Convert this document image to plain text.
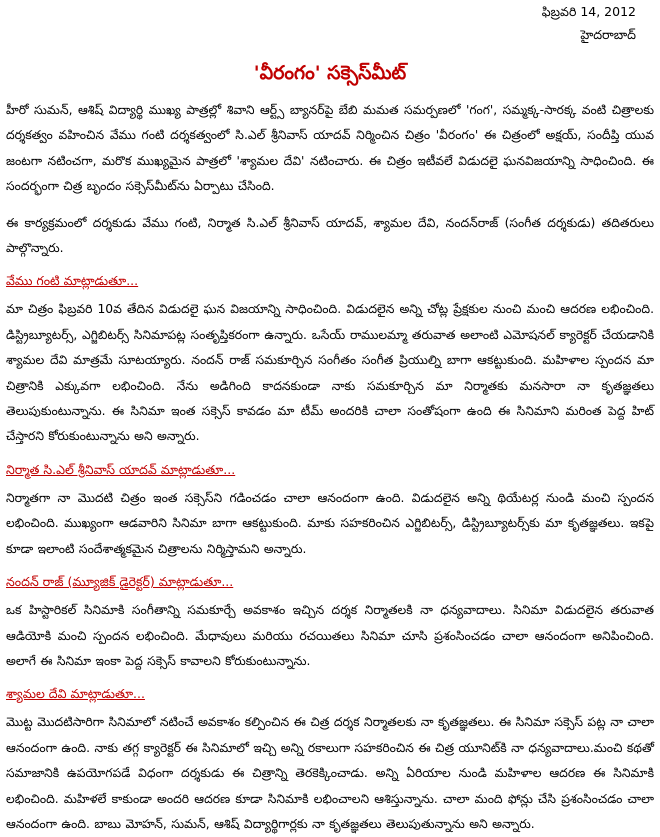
ఫిబ్రవరి 14, 2012
హైదరాబాద్
'వీరంగం' సక్సెస్‌మీట్

హీరో సుమన్, ఆశిష్ విద్యార్థి ముఖ్య పాత్రల్లో శివాని ఆర్ట్స్ బ్యానర్‌పై బేబి మమత సమర్పణలో 'గంగ', సమ్మక్క-సారక్క వంటి చిత్రాలకు దర్శకత్వం వహించిన వేము గంటి దర్శకత్వంలో సి.ఎల్ శ్రీనివాస్ యాదవ్ నిర్మించిన చిత్రం 'వీరంగం' ఈ చిత్రంలో అక్షయ్, సందీప్తి యువ జంటగా నటించగా, మరొక ముఖ్యమైన పాత్రలో 'శ్యామల దేవి' నటించారు. ఈ చిత్రం ఇటీవలే విడుదలై ఘనవిజయాన్ని సాధించింది. ఈ సందర్భంగా చిత్ర బృందం సక్సెస్‌మీట్‌ను ఏర్పాటు చేసింది.

ఈ కార్యక్రమంలో దర్శకుడు వేము గంటి, నిర్మాత సి.ఎల్ శ్రీనివాస్ యాదవ్, శ్యామల దేవి, నందన్‌రాజ్ (సంగీత దర్శకుడు) తదితరులు పాల్గొన్నారు.

వేము గంటి మాట్లాడుతూ...

మా చిత్రం ఫిబ్రవరి 10వ తేదిన విడుదలై ఘన విజయాన్ని సాధించింది. విడుదలైన అన్ని చోట్ల ప్రేక్షకుల నుంచి మంచి ఆదరణ లభించింది. డిస్ట్రిబ్యూటర్స్, ఎగ్జిబిటర్స్ సినిమాపట్ల సంతృప్తికరంగా ఉన్నారు. ఒసేయ్ రాములమ్మా తరువాత అలాంటి ఎమోషనల్ క్యారెక్టర్ చేయడానికి శ్యామల దేవి మాత్రమే సూటయ్యారు. నందన్ రాజ్ సమకూర్చిన సంగీతం సంగీత ప్రియుల్ని బాగా ఆకట్టుకుంది. మహిళాల స్పందన మా చిత్రానికి ఎక్కువగా లభించింది. నేను అడిగింది కాదనకుండా నాకు సమకూర్చిన మా నిర్మాతకు మనసారా నా కృతజ్ఞతలు తెలుపుకుంటున్నాను. ఈ సినిమా ఇంత సక్సెస్ కావడం మా టీమ్ అందరికి చాలా సంతోషంగా ఉంది ఈ సినిమాని మరింత పెద్ద హిట్ చేస్తారని కోరుకుంటున్నాను అని అన్నారు.

నిర్మాత సి.ఎల్ శ్రీనివాస్ యాదవ్ మాట్లాడుతూ...

నిర్మాతగా నా మొదటి చిత్రం ఇంత సక్సెస్‌ని గడించడం చాలా ఆనందంగా ఉంది. విడుదలైన అన్ని థియేటర్ల నుండి మంచి స్పందన లభించింది. ముఖ్యంగా ఆడవారిని సినిమా బాగా ఆకట్టుకుంది. మాకు సహకరించిన ఎగ్జిబిటర్స్, డిస్ట్రిబ్యూటర్స్‌కు మా కృతజ్ఞతలు. ఇకపై కూడా ఇలాంటి సందేశాత్మకమైన చిత్రాలను నిర్మిస్తామని అన్నారు.

నందన్ రాజ్ (మ్యూజిక్ డైరెక్టర్) మాట్లాడుతూ...

ఒక హిస్టారికల్ సినిమాకి సంగీతాన్ని సమకూర్చే అవకాశం ఇచ్చిన దర్శక నిర్మాతలకి నా ధన్యవాదాలు. సినిమా విడుదలైన తరువాత ఆడియోకి మంచి స్పందన లభించింది. మేధావులు మరియు రచయితలు సినిమా చూసి ప్రశంసించడం చాలా ఆనందంగా అనిపించింది. అలాగే ఈ సినిమా ఇంకా పెద్ద సక్సెస్ కావాలని కోరుకుంటున్నాను.

శ్యామల దేవి మాట్లాడుతూ...

మొట్ట మొదటిసారిగా సినిమాలో నటించే అవకాశం కల్పించిన ఈ చిత్ర దర్శక నిర్మాతలకు నా కృతజ్ఞతలు. ఈ సినిమా సక్సెస్ పట్ల నా చాలా ఆనందంగా ఉంది. నాకు తగ్గ క్యారెక్టర్ ఈ సినిమాలో ఇచ్చి అన్ని రకాలుగా సహకరించిన ఈ చిత్ర యూనిట్‌కి నా ధన్యవాదాలు.మంచి కథతో సమాజానికి ఉపయోగపడే విధంగా దర్శకుడు ఈ చిత్రాన్ని తెరకెక్కించాడు. అన్ని ఏరియాల నుండి మహిళాల ఆదరణ ఈ సినిమాకి లభించింది. మహిళలే కాకుండా అందరి ఆదరణ కూడా సినిమాకి లభించాలని ఆశిస్తున్నాను. చాలా మంది ఫోన్లు చేసి ప్రశంసించడం చాలా ఆనందంగా ఉంది. బాబు మోహన్, సుమన్, ఆశిష్ విద్యార్థిగార్లకు నా కృతజ్ఞతలు తెలుపుతున్నాను అని అన్నారు.
